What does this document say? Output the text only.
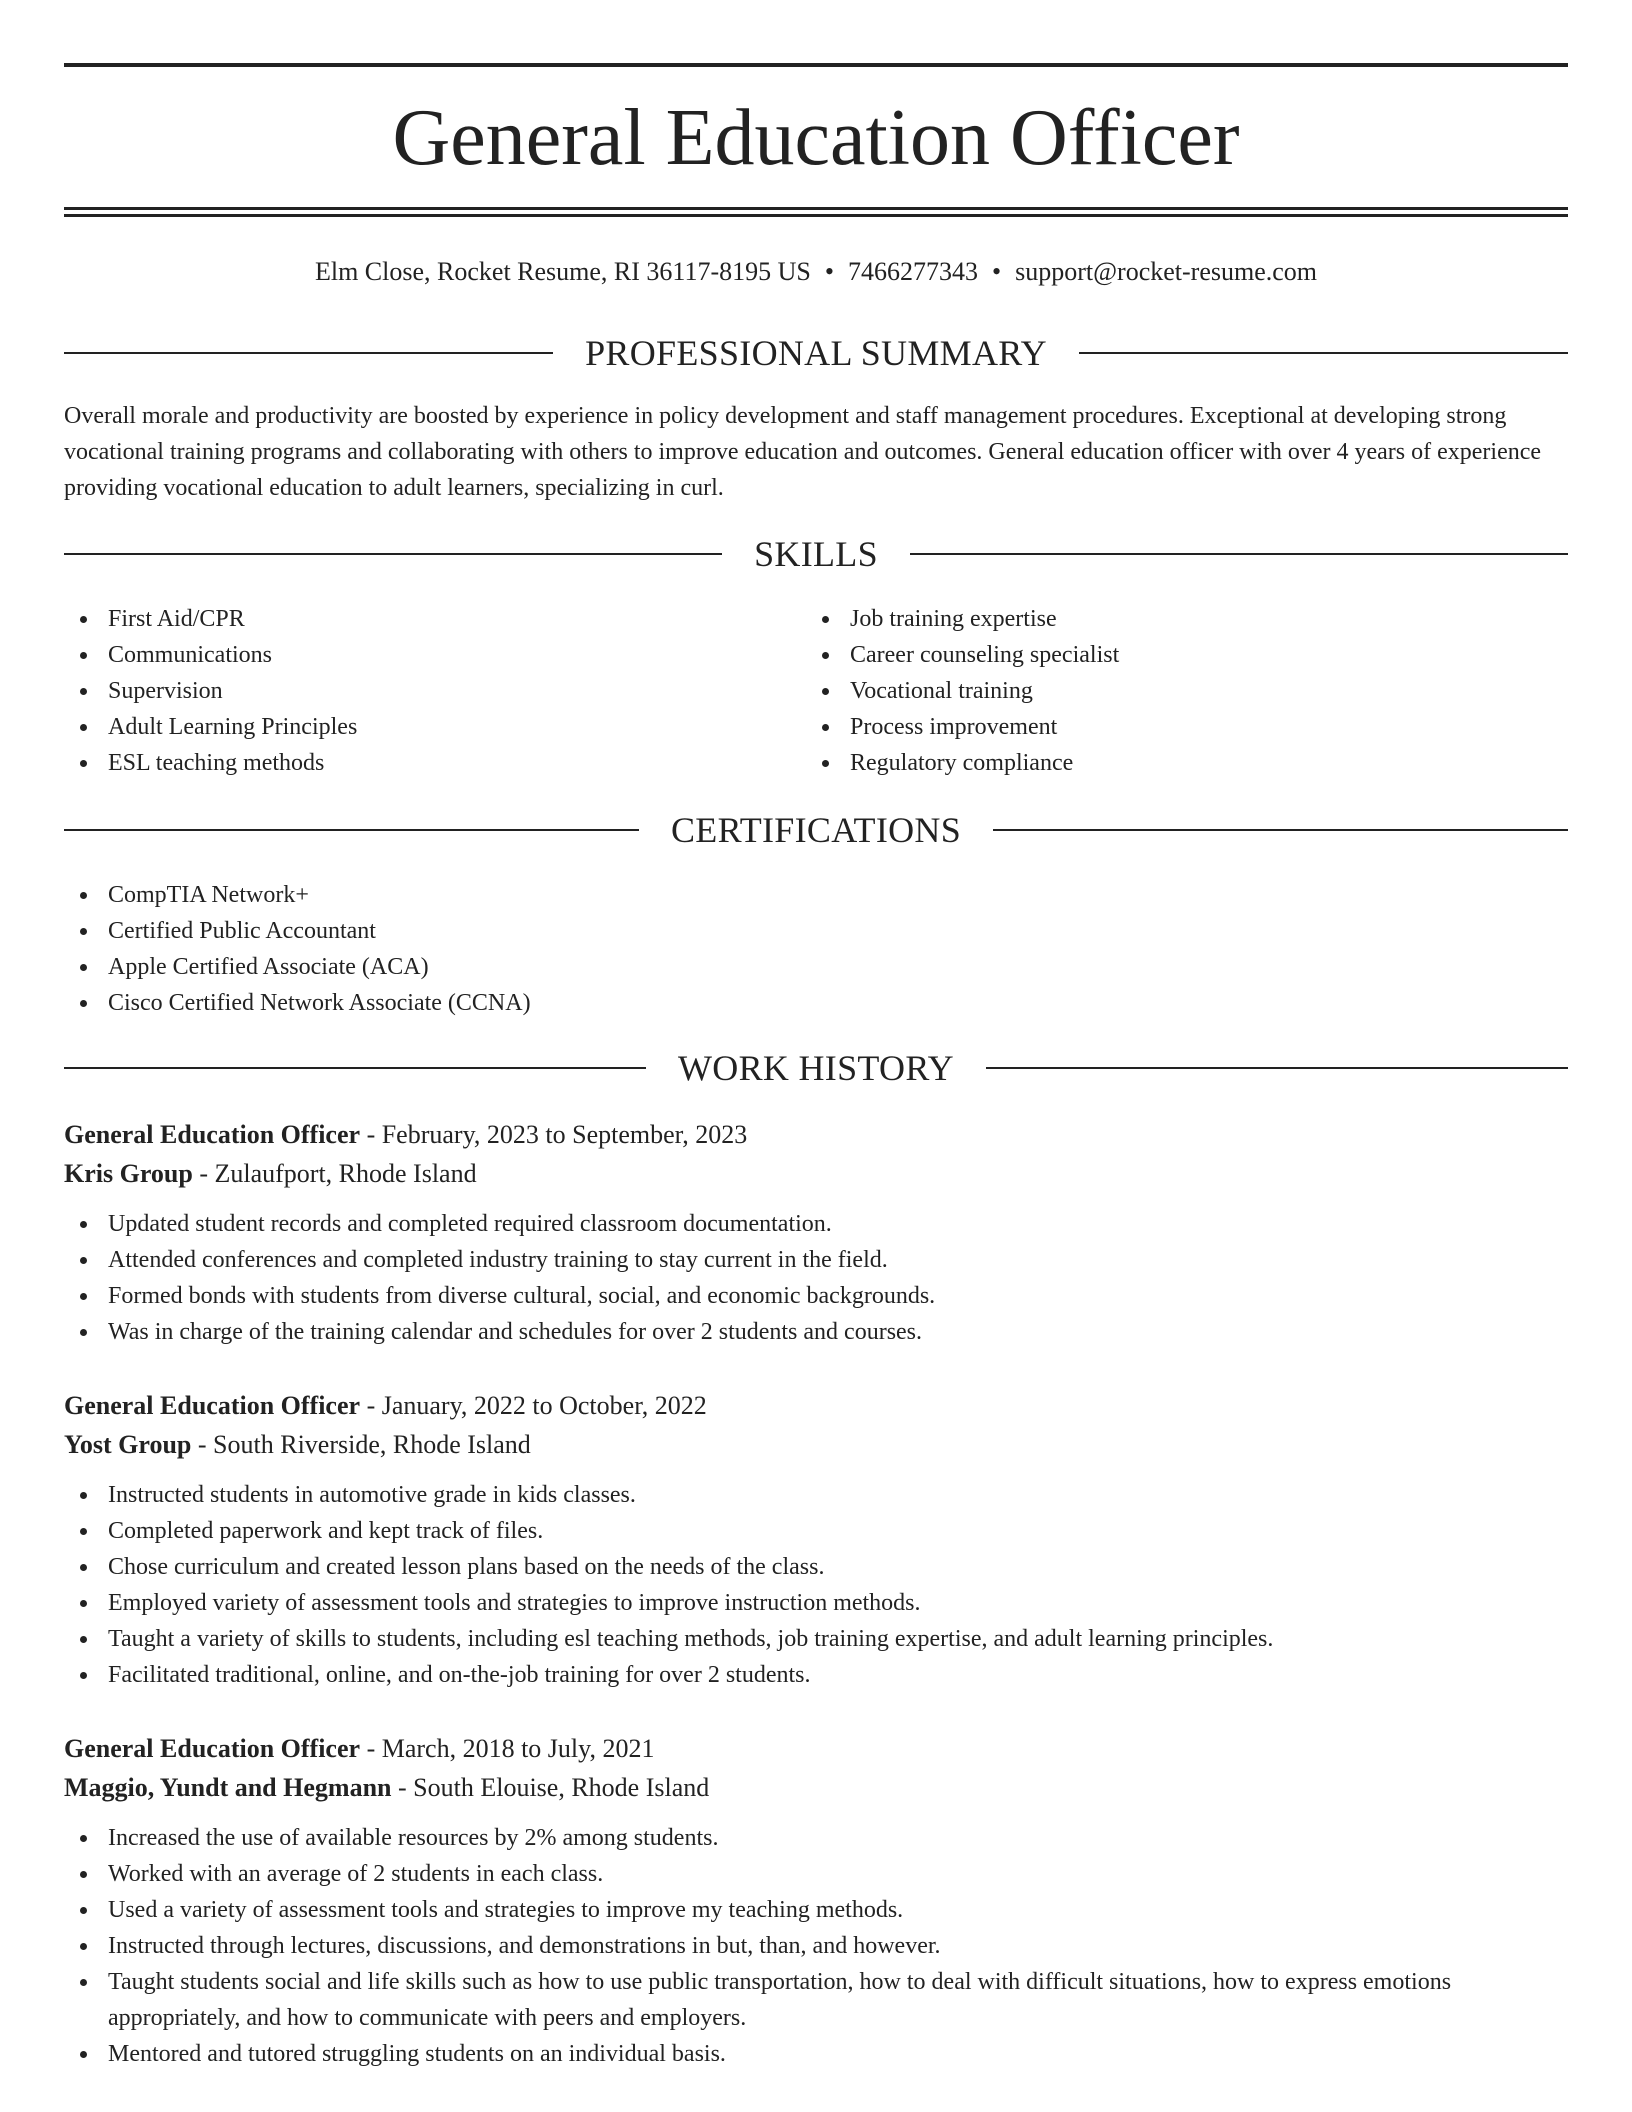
General Education Officer
Elm Close, Rocket Resume, RI 36117-8195 US • 7466277343 • support@rocket-resume.com
PROFESSIONAL SUMMARY

Overall morale and productivity are boosted by experience in policy development and staff management procedures. Exceptional at developing strong vocational training programs and collaborating with others to improve education and outcomes. General education officer with over 4 years of experience providing vocational education to adult learners, specializing in curl.

SKILLS
First Aid/CPR
Communications
Supervision
Adult Learning Principles
ESL teaching methods
Job training expertise
Career counseling specialist
Vocational training
Process improvement
Regulatory compliance
CERTIFICATIONS
CompTIA Network+
Certified Public Accountant
Apple Certified Associate (ACA)
Cisco Certified Network Associate (CCNA)
WORK HISTORY
General Education Officer - February, 2023 to September, 2023
Kris Group - Zulaufport, Rhode Island
Updated student records and completed required classroom documentation.
Attended conferences and completed industry training to stay current in the field.
Formed bonds with students from diverse cultural, social, and economic backgrounds.
Was in charge of the training calendar and schedules for over 2 students and courses.
General Education Officer - January, 2022 to October, 2022
Yost Group - South Riverside, Rhode Island
Instructed students in automotive grade in kids classes.
Completed paperwork and kept track of files.
Chose curriculum and created lesson plans based on the needs of the class.
Employed variety of assessment tools and strategies to improve instruction methods.
Taught a variety of skills to students, including esl teaching methods, job training expertise, and adult learning principles.
Facilitated traditional, online, and on-the-job training for over 2 students.
General Education Officer - March, 2018 to July, 2021
Maggio, Yundt and Hegmann - South Elouise, Rhode Island
Increased the use of available resources by 2% among students.
Worked with an average of 2 students in each class.
Used a variety of assessment tools and strategies to improve my teaching methods.
Instructed through lectures, discussions, and demonstrations in but, than, and however.
Taught students social and life skills such as how to use public transportation, how to deal with difficult situations, how to express emotions appropriately, and how to communicate with peers and employers.
Mentored and tutored struggling students on an individual basis.
